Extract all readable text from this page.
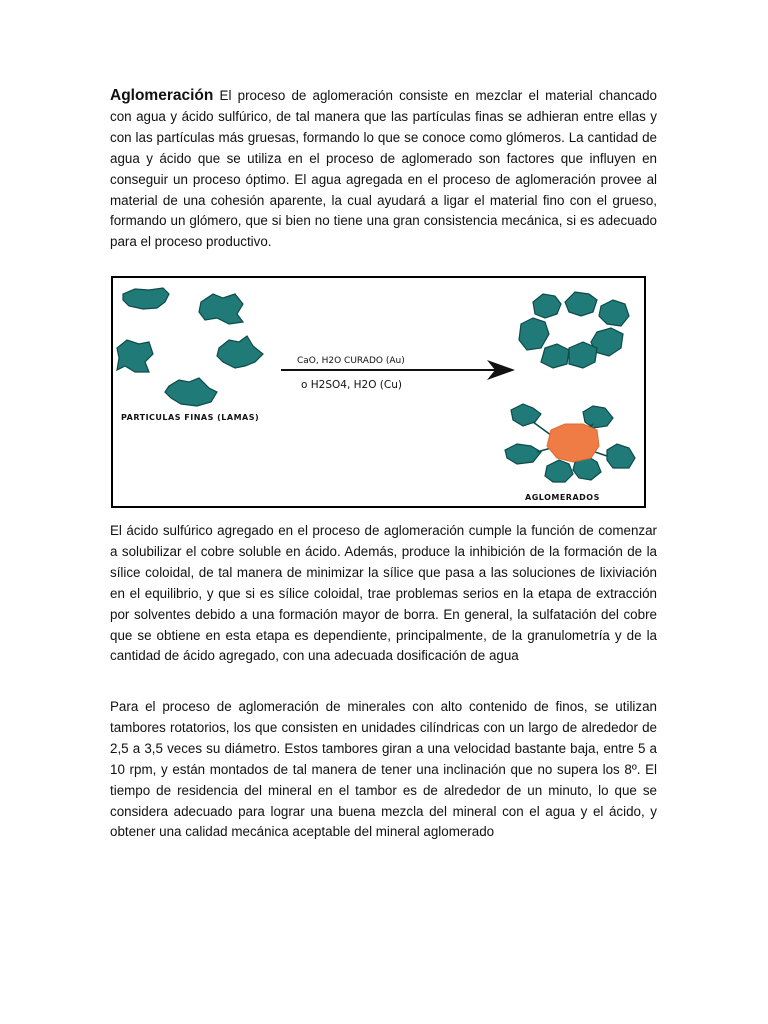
Aglomeración El proceso de aglomeración consiste en mezclar el material chancado con agua y ácido sulfúrico, de tal manera que las partículas finas se adhieran entre ellas y con las partículas más gruesas, formando lo que se conoce como glómeros. La cantidad de agua y ácido que se utiliza en el proceso de aglomerado son factores que influyen en conseguir un proceso óptimo. El agua agregada en el proceso de aglomeración provee al material de una cohesión aparente, la cual ayudará a ligar el material fino con el grueso, formando un glómero, que si bien no tiene una gran consistencia mecánica, si es adecuado para el proceso productivo.

PARTICULAS FINAS (LAMAS)
CaO, H2O CURADO (Au)
o H2SO4, H2O (Cu)
AGLOMERADOS

El ácido sulfúrico agregado en el proceso de aglomeración cumple la función de comenzar a solubilizar el cobre soluble en ácido. Además, produce la inhibición de la formación de la sílice coloidal, de tal manera de minimizar la sílice que pasa a las soluciones de lixiviación en el equilibrio, y que si es sílice coloidal, trae problemas serios en la etapa de extracción por solventes debido a una formación mayor de borra. En general, la sulfatación del cobre que se obtiene en esta etapa es dependiente, principalmente, de la granulometría y de la cantidad de ácido agregado, con una adecuada dosificación de agua

Para el proceso de aglomeración de minerales con alto contenido de finos, se utilizan tambores rotatorios, los que consisten en unidades cilíndricas con un largo de alrededor de 2,5 a 3,5 veces su diámetro. Estos tambores giran a una velocidad bastante baja, entre 5 a 10 rpm, y están montados de tal manera de tener una inclinación que no supera los 8º. El tiempo de residencia del mineral en el tambor es de alrededor de un minuto, lo que se considera adecuado para lograr una buena mezcla del mineral con el agua y el ácido, y obtener una calidad mecánica aceptable del mineral aglomerado
